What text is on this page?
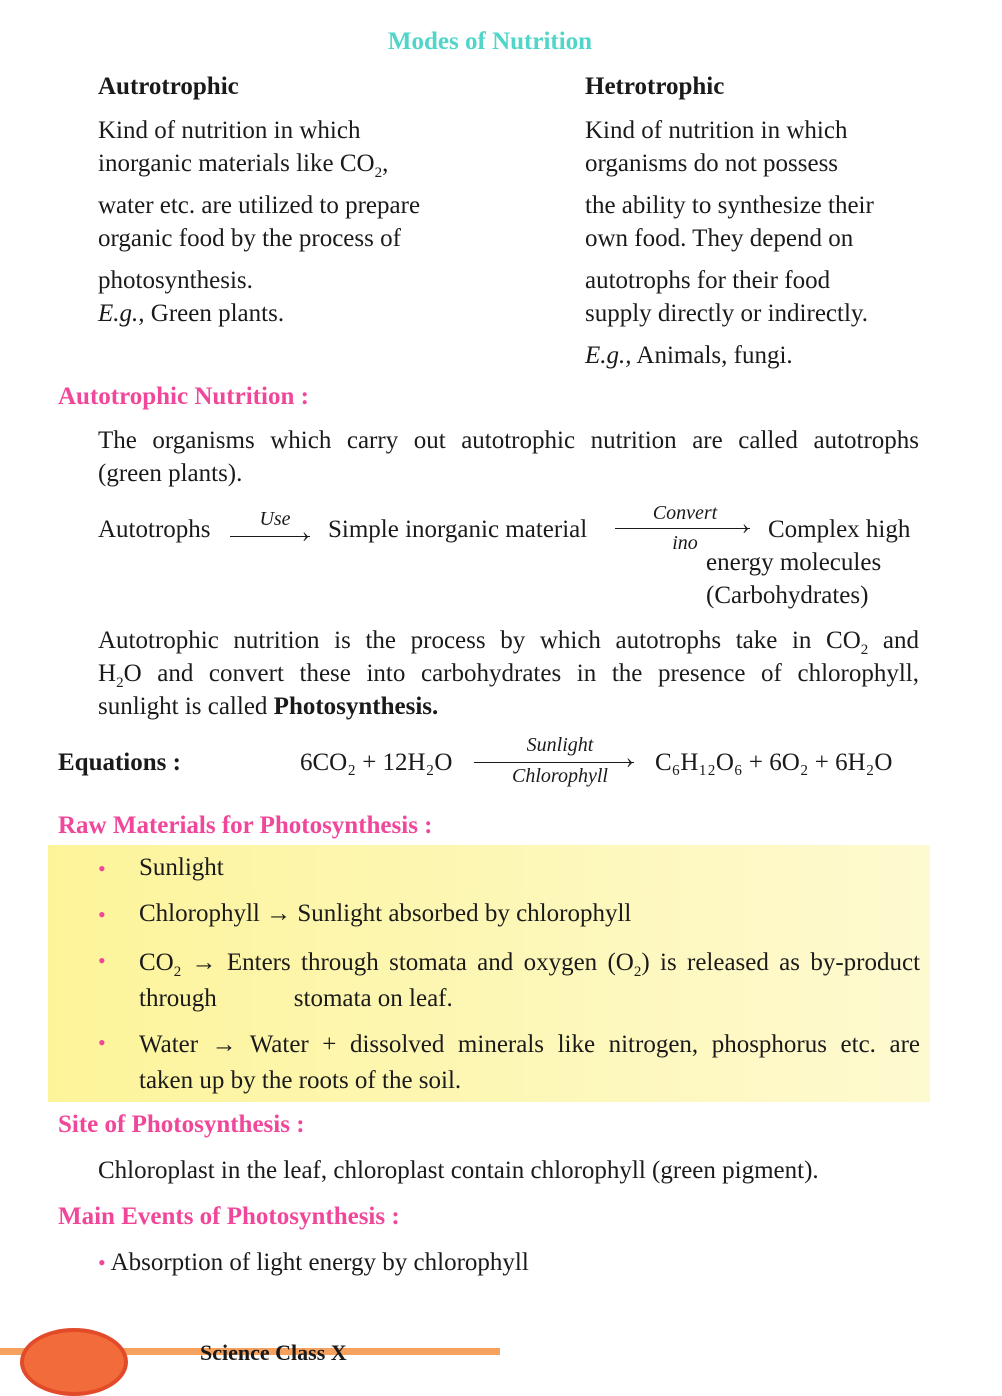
Modes of Nutrition
Autrotrophic
Kind of nutrition in which
inorganic materials like $CO_2$,
water etc. are utilized to prepare
organic food by the process of
photosynthesis.
E.g., Green plants.
Hetrotrophic
Kind of nutrition in which
organisms do not possess
the ability to synthesize their
own food. They depend on
autotrophs for their food
supply directly or indirectly.
E.g., Animals, fungi.
Autotrophic Nutrition :
The organisms which carry out autotrophic nutrition are called autotrophs
(green plants).
Autotrophs	Use
› Simple inorganic material
Convert
›
ino	Complex high
energy molecules
(Carbohydrates)
Autotrophic nutrition is the process by which autotrophs take in $CO_2$ and
$H_2O$ and convert these into carbohydrates in the presence of chlorophyll,
sunlight is called Photosynthesis.
Equations :	6CO₂ + 12H₂O
Sunlight
›
Chlorophyll	C₆H₁₂O₆ + 6O₂ + 6H₂O
Raw Materials for Photosynthesis :
• Sunlight
• Chlorophyll → Sunlight absorbed by chlorophyll
• $CO_2$ → Enters through stomata and oxygen $(O_2)$ is released as by-product
through	stomata on leaf.
• Water → Water + dissolved minerals like nitrogen, phosphorus etc. are
taken up by the roots of the soil.
Site of Photosynthesis :
Chloroplast in the leaf, chloroplast contain chlorophyll (green pigment).
Main Events of Photosynthesis :
• Absorption of light energy by chlorophyll
Science Class X
